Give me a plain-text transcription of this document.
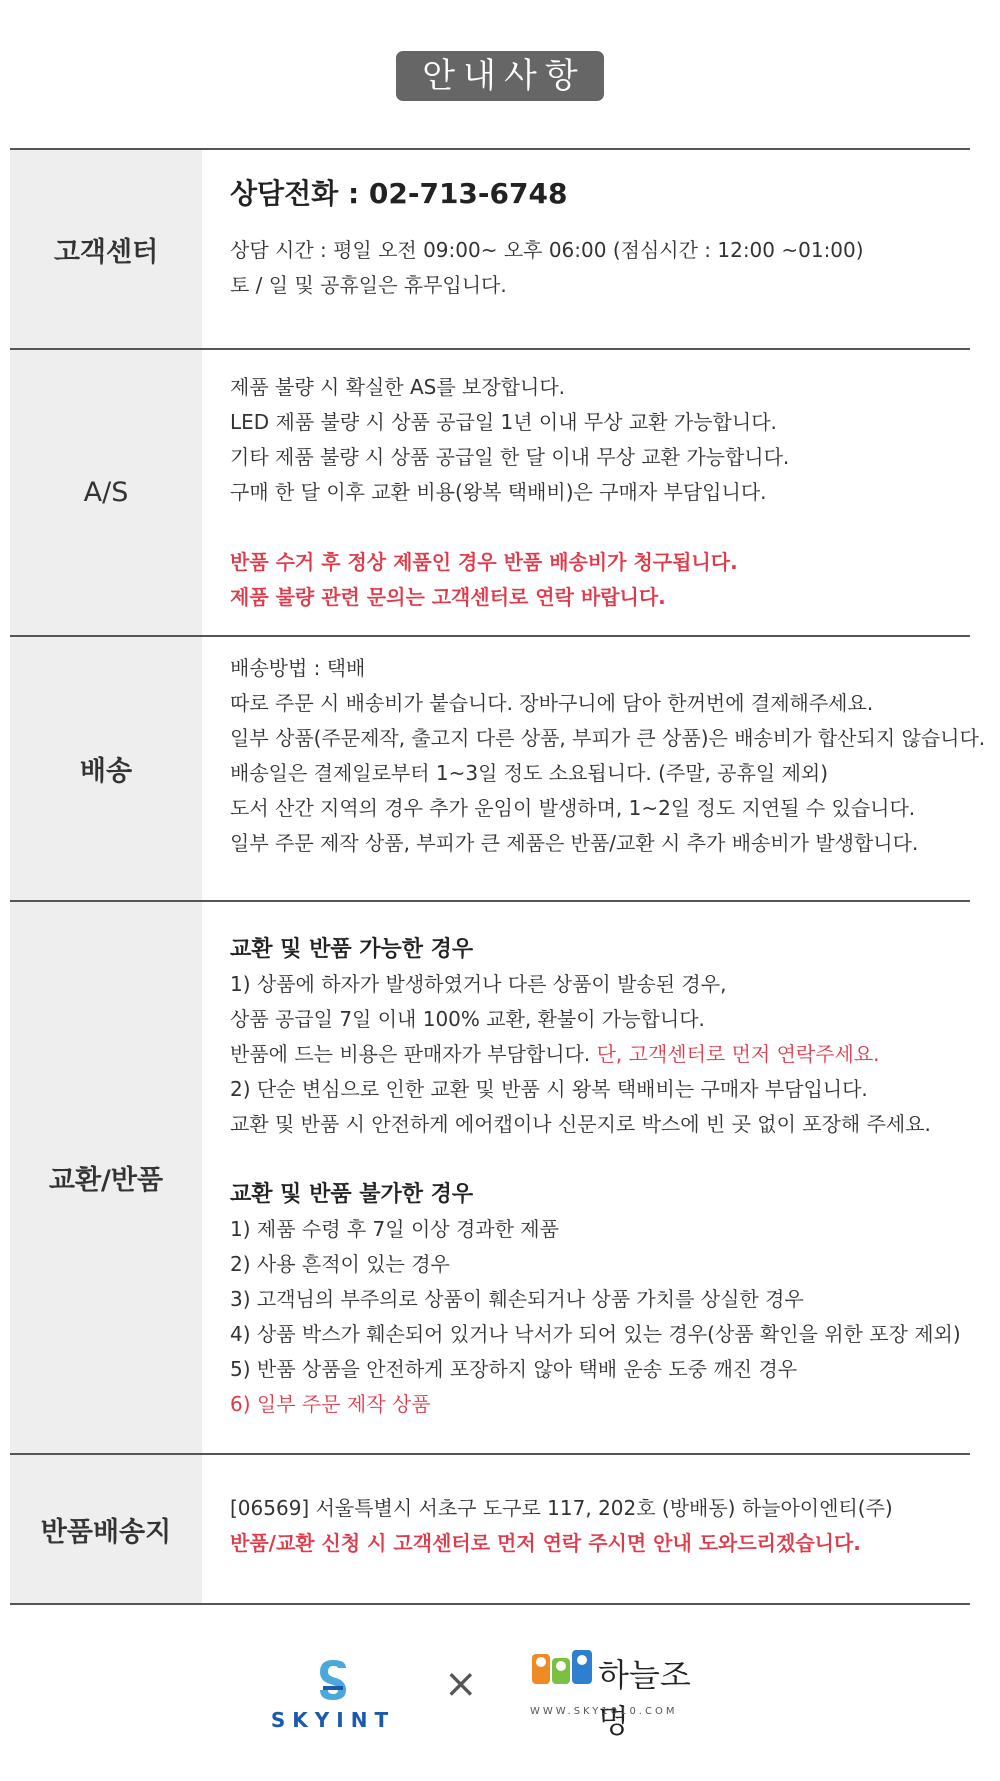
안내사항
고객센터
상담전화 : 02-713-6748
상담 시간 : 평일 오전 09:00~ 오후 06:00 (점심시간 : 12:00 ~01:00)
토 / 일 및 공휴일은 휴무입니다.
A/S
제품 불량 시 확실한 AS를 보장합니다.
LED 제품 불량 시 상품 공급일 1년 이내 무상 교환 가능합니다.
기타 제품 불량 시 상품 공급일 한 달 이내 무상 교환 가능합니다.
구매 한 달 이후 교환 비용(왕복 택배비)은 구매자 부담입니다.
반품 수거 후 정상 제품인 경우 반품 배송비가 청구됩니다.
제품 불량 관련 문의는 고객센터로 연락 바랍니다.
배송
배송방법 : 택배
따로 주문 시 배송비가 붙습니다. 장바구니에 담아 한꺼번에 결제해주세요.
일부 상품(주문제작, 출고지 다른 상품, 부피가 큰 상품)은 배송비가 합산되지 않습니다.
배송일은 결제일로부터 1~3일 정도 소요됩니다. (주말, 공휴일 제외)
도서 산간 지역의 경우 추가 운임이 발생하며, 1~2일 정도 지연될 수 있습니다.
일부 주문 제작 상품, 부피가 큰 제품은 반품/교환 시 추가 배송비가 발생합니다.
교환/반품
교환 및 반품 가능한 경우
1) 상품에 하자가 발생하였거나 다른 상품이 발송된 경우,
상품 공급일 7일 이내 100% 교환, 환불이 가능합니다.
반품에 드는 비용은 판매자가 부담합니다. 단, 고객센터로 먼저 연락주세요.
2) 단순 변심으로 인한 교환 및 반품 시 왕복 택배비는 구매자 부담입니다.
교환 및 반품 시 안전하게 에어캡이나 신문지로 박스에 빈 곳 없이 포장해 주세요.
교환 및 반품 불가한 경우
1) 제품 수령 후 7일 이상 경과한 제품
2) 사용 흔적이 있는 경우
3) 고객님의 부주의로 상품이 훼손되거나 상품 가치를 상실한 경우
4) 상품 박스가 훼손되어 있거나 낙서가 되어 있는 경우(상품 확인을 위한 포장 제외)
5) 반품 상품을 안전하게 포장하지 않아 택배 운송 도중 깨진 경우
6) 일부 주문 제작 상품
반품배송지
[06569] 서울특별시 서초구 도구로 117, 202호 (방배동) 하늘아이엔티(주)
반품/교환 신청 시 고객센터로 먼저 연락 주시면 안내 도와드리겠습니다.
SKYINT
×	하늘조명
WWW.SKY1010.COM
